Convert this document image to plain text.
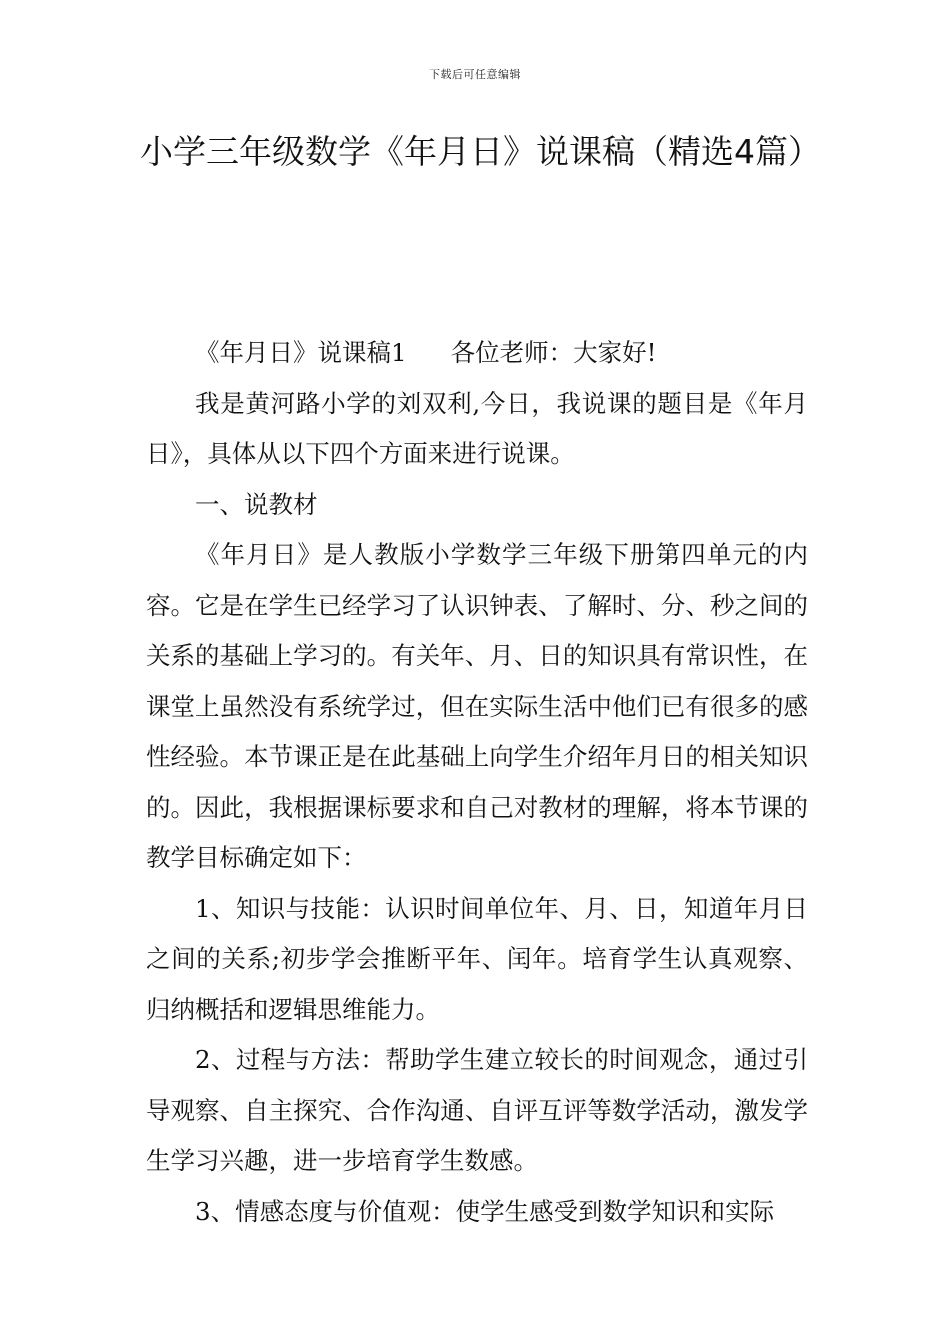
下载后可任意编辑
小学三年级数学《年月日》说课稿（精选4篇）

《年月日》说课稿1 各位老师：大家好!

我是黄河路小学的刘双利,今日，我说课的题目是《年月日》，具体从以下四个方面来进行说课。

一、说教材

《年月日》是人教版小学数学三年级下册第四单元的内容。它是在学生已经学习了认识钟表、了解时、分、秒之间的关系的基础上学习的。有关年、月、日的知识具有常识性，在课堂上虽然没有系统学过，但在实际生活中他们已有很多的感性经验。本节课正是在此基础上向学生介绍年月日的相关知识的。因此，我根据课标要求和自己对教材的理解，将本节课的教学目标确定如下：

1、知识与技能：认识时间单位年、月、日，知道年月日之间的关系;初步学会推断平年、闰年。培育学生认真观察、归纳概括和逻辑思维能力。

2、过程与方法：帮助学生建立较长的时间观念，通过引导观察、自主探究、合作沟通、自评互评等数学活动，激发学生学习兴趣，进一步培育学生数感。

3、情感态度与价值观：使学生感受到数学知识和实际
